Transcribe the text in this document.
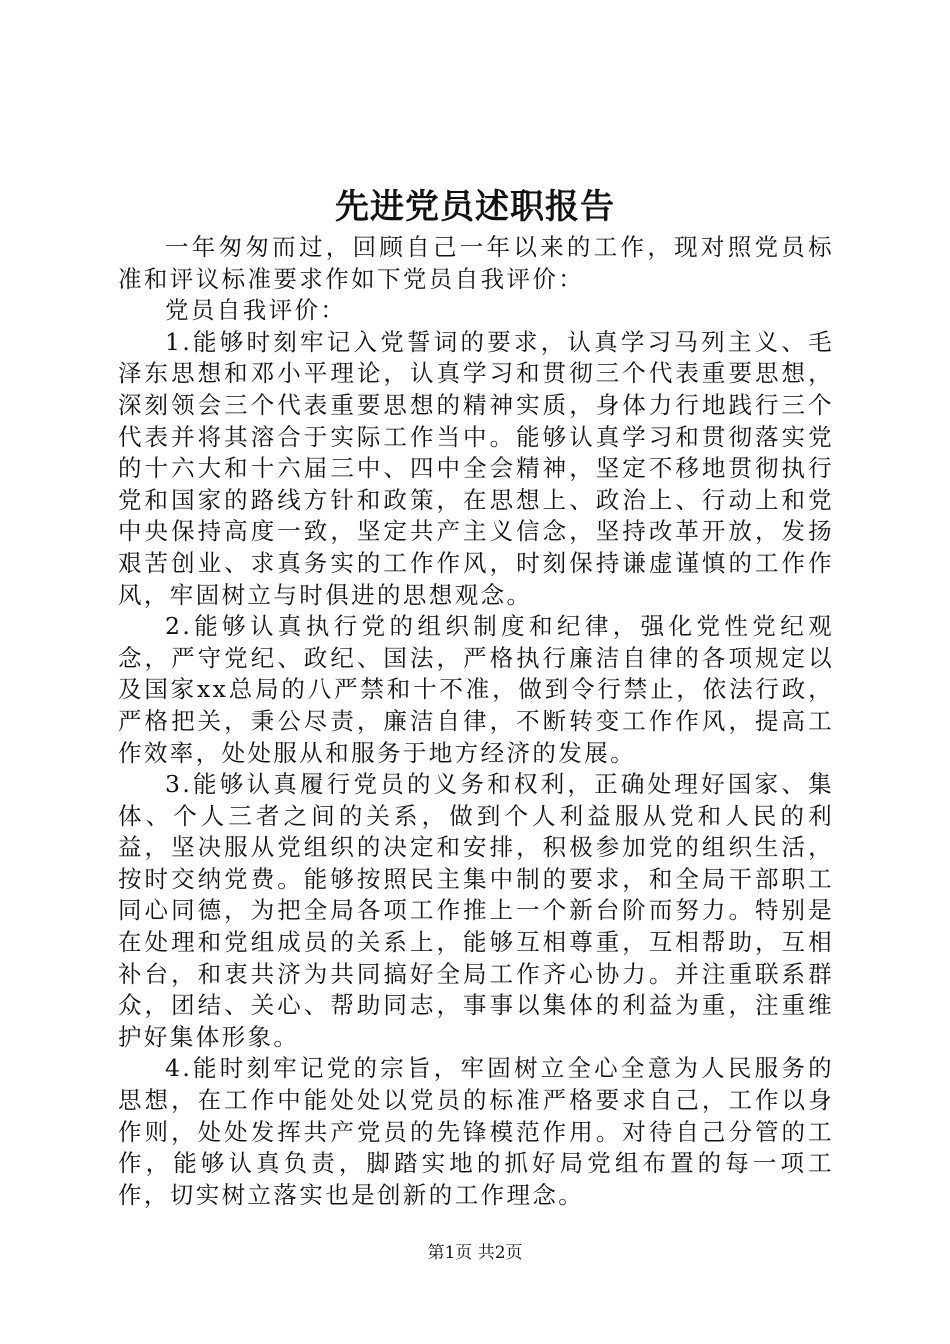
先进党员述职报告

一年匆匆而过，回顾自己一年以来的工作，现对照党员标准和评议标准要求作如下党员自我评价：

党员自我评价：

1.能够时刻牢记入党誓词的要求，认真学习马列主义、毛泽东思想和邓小平理论，认真学习和贯彻三个代表重要思想，深刻领会三个代表重要思想的精神实质，身体力行地践行三个代表并将其溶合于实际工作当中。能够认真学习和贯彻落实党的十六大和十六届三中、四中全会精神，坚定不移地贯彻执行党和国家的路线方针和政策，在思想上、政治上、行动上和党中央保持高度一致，坚定共产主义信念，坚持改革开放，发扬艰苦创业、求真务实的工作作风，时刻保持谦虚谨慎的工作作风，牢固树立与时俱进的思想观念。

2.能够认真执行党的组织制度和纪律，强化党性党纪观念，严守党纪、政纪、国法，严格执行廉洁自律的各项规定以及国家xx总局的八严禁和十不准，做到令行禁止，依法行政，严格把关，秉公尽责，廉洁自律，不断转变工作作风，提高工作效率，处处服从和服务于地方经济的发展。

3.能够认真履行党员的义务和权利，正确处理好国家、集体、个人三者之间的关系，做到个人利益服从党和人民的利益，坚决服从党组织的决定和安排，积极参加党的组织生活，按时交纳党费。能够按照民主集中制的要求，和全局干部职工同心同德，为把全局各项工作推上一个新台阶而努力。特别是在处理和党组成员的关系上，能够互相尊重，互相帮助，互相补台，和衷共济为共同搞好全局工作齐心协力。并注重联系群众，团结、关心、帮助同志，事事以集体的利益为重，注重维护好集体形象。

4.能时刻牢记党的宗旨，牢固树立全心全意为人民服务的思想，在工作中能处处以党员的标准严格要求自己，工作以身作则，处处发挥共产党员的先锋模范作用。对待自己分管的工作，能够认真负责，脚踏实地的抓好局党组布置的每一项工作，切实树立落实也是创新的工作理念。

第1页 共2页
